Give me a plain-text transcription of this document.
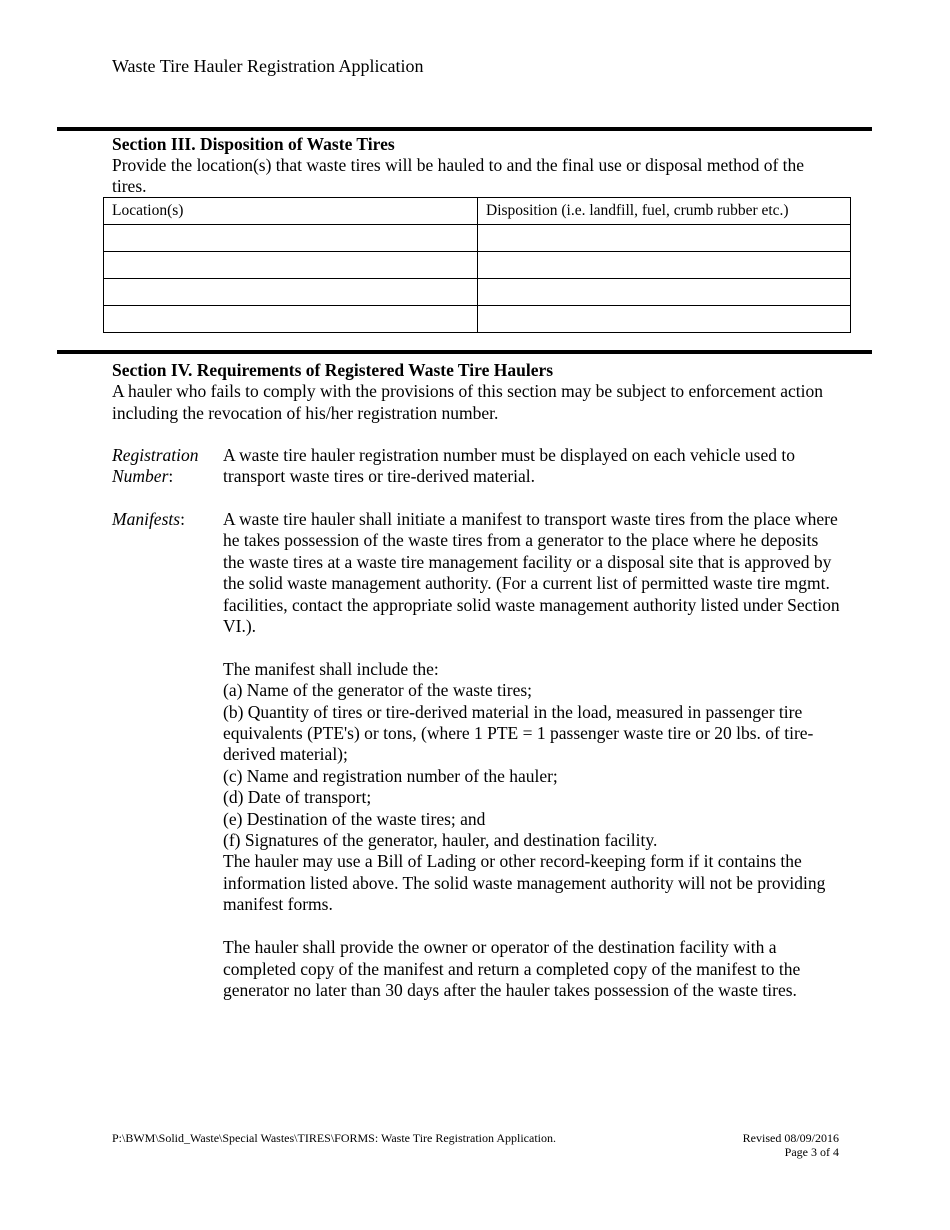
Waste Tire Hauler Registration Application
Section III. Disposition of Waste Tires
Provide the location(s) that waste tires will be hauled to and the final use or disposal method of the tires.
Location(s)	Disposition (i.e. landfill, fuel, crumb rubber etc.)

Section IV. Requirements of Registered Waste Tire Haulers
A hauler who fails to comply with the provisions of this section may be subject to enforcement action including the revocation of his/her registration number.
Registration
Number:
A waste tire hauler registration number must be displayed on each vehicle used to transport waste tires or tire-derived material.
Manifests:	A waste tire hauler shall initiate a manifest to transport waste tires from the place where he takes possession of the waste tires from a generator to the place where he deposits the waste tires at a waste tire management facility or a disposal site that is approved by the solid waste management authority. (For a current list of permitted waste tire mgmt. facilities, contact the appropriate solid waste management authority listed under Section VI.).

The manifest shall include the:

(a) Name of the generator of the waste tires;

(b) Quantity of tires or tire-derived material in the load, measured in passenger tire equivalents (PTE's) or tons, (where 1 PTE = 1 passenger waste tire or 20 lbs. of tire-derived material);

(c) Name and registration number of the hauler;

(d) Date of transport;

(e) Destination of the waste tires; and

(f) Signatures of the generator, hauler, and destination facility.

The hauler may use a Bill of Lading or other record-keeping form if it contains the information listed above. The solid waste management authority will not be providing manifest forms.

The hauler shall provide the owner or operator of the destination facility with a completed copy of the manifest and return a completed copy of the manifest to the generator no later than 30 days after the hauler takes possession of the waste tires.

P:\BWM\Solid_Waste\Special Wastes\TIRES\FORMS: Waste Tire Registration Application.	Revised 08/09/2016
Page 3 of 4
